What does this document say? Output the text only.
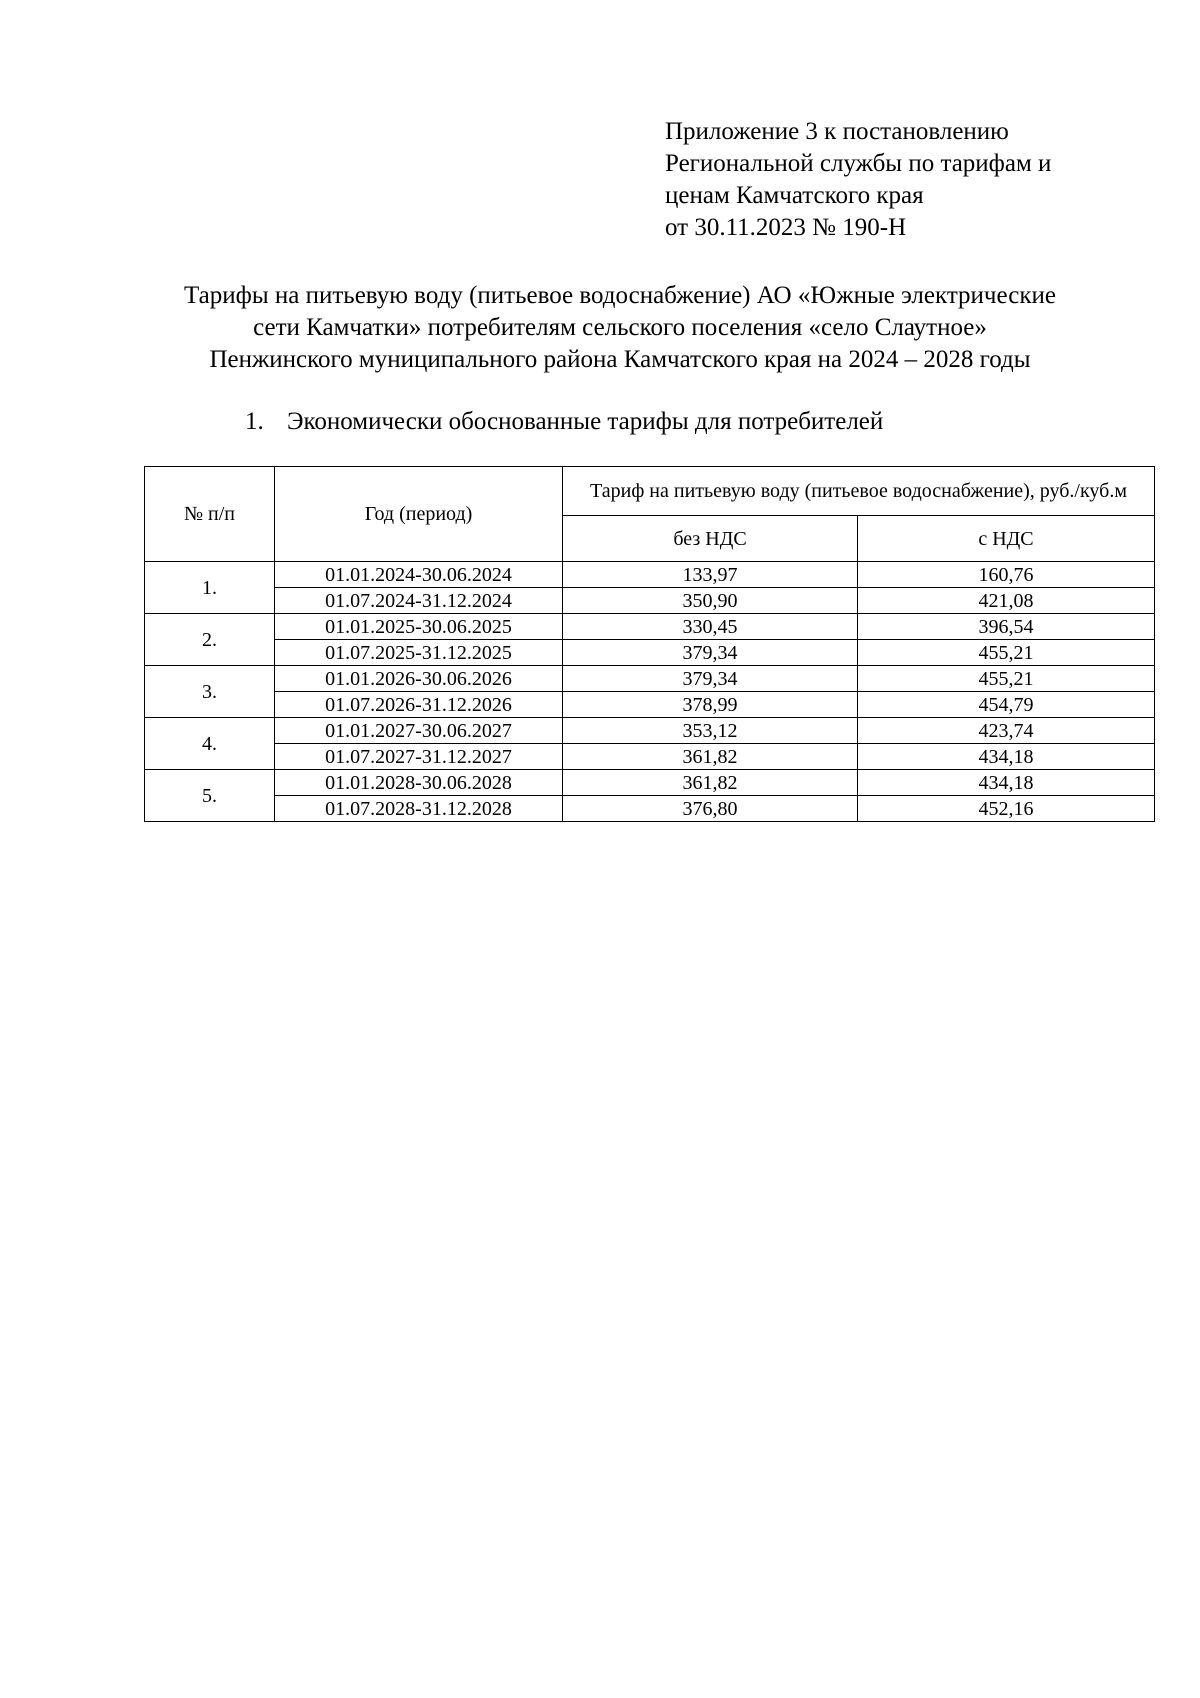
Приложение 3 к постановлению
Региональной службы по тарифам и
ценам Камчатского края
от 30.11.2023 № 190-Н
Тарифы на питьевую воду (питьевое водоснабжение) АО «Южные электрические
сети Камчатки» потребителям сельского поселения «село Слаутное»
Пенжинского муниципального района Камчатского края на 2024 – 2028 годы
1. Экономически обоснованные тарифы для потребителей
№ п/п	Год (период)	Тариф на питьевую воду (питьевое водоснабжение), руб./куб.м	
		без НДС	с НДС
1.	01.01.2024-30.06.2024	133,97	160,76
	01.07.2024-31.12.2024	350,90	421,08
2.	01.01.2025-30.06.2025	330,45	396,54
	01.07.2025-31.12.2025	379,34	455,21
3.	01.01.2026-30.06.2026	379,34	455,21
	01.07.2026-31.12.2026	378,99	454,79
4.	01.01.2027-30.06.2027	353,12	423,74
	01.07.2027-31.12.2027	361,82	434,18
5.	01.01.2028-30.06.2028	361,82	434,18
	01.07.2028-31.12.2028	376,80	452,16
